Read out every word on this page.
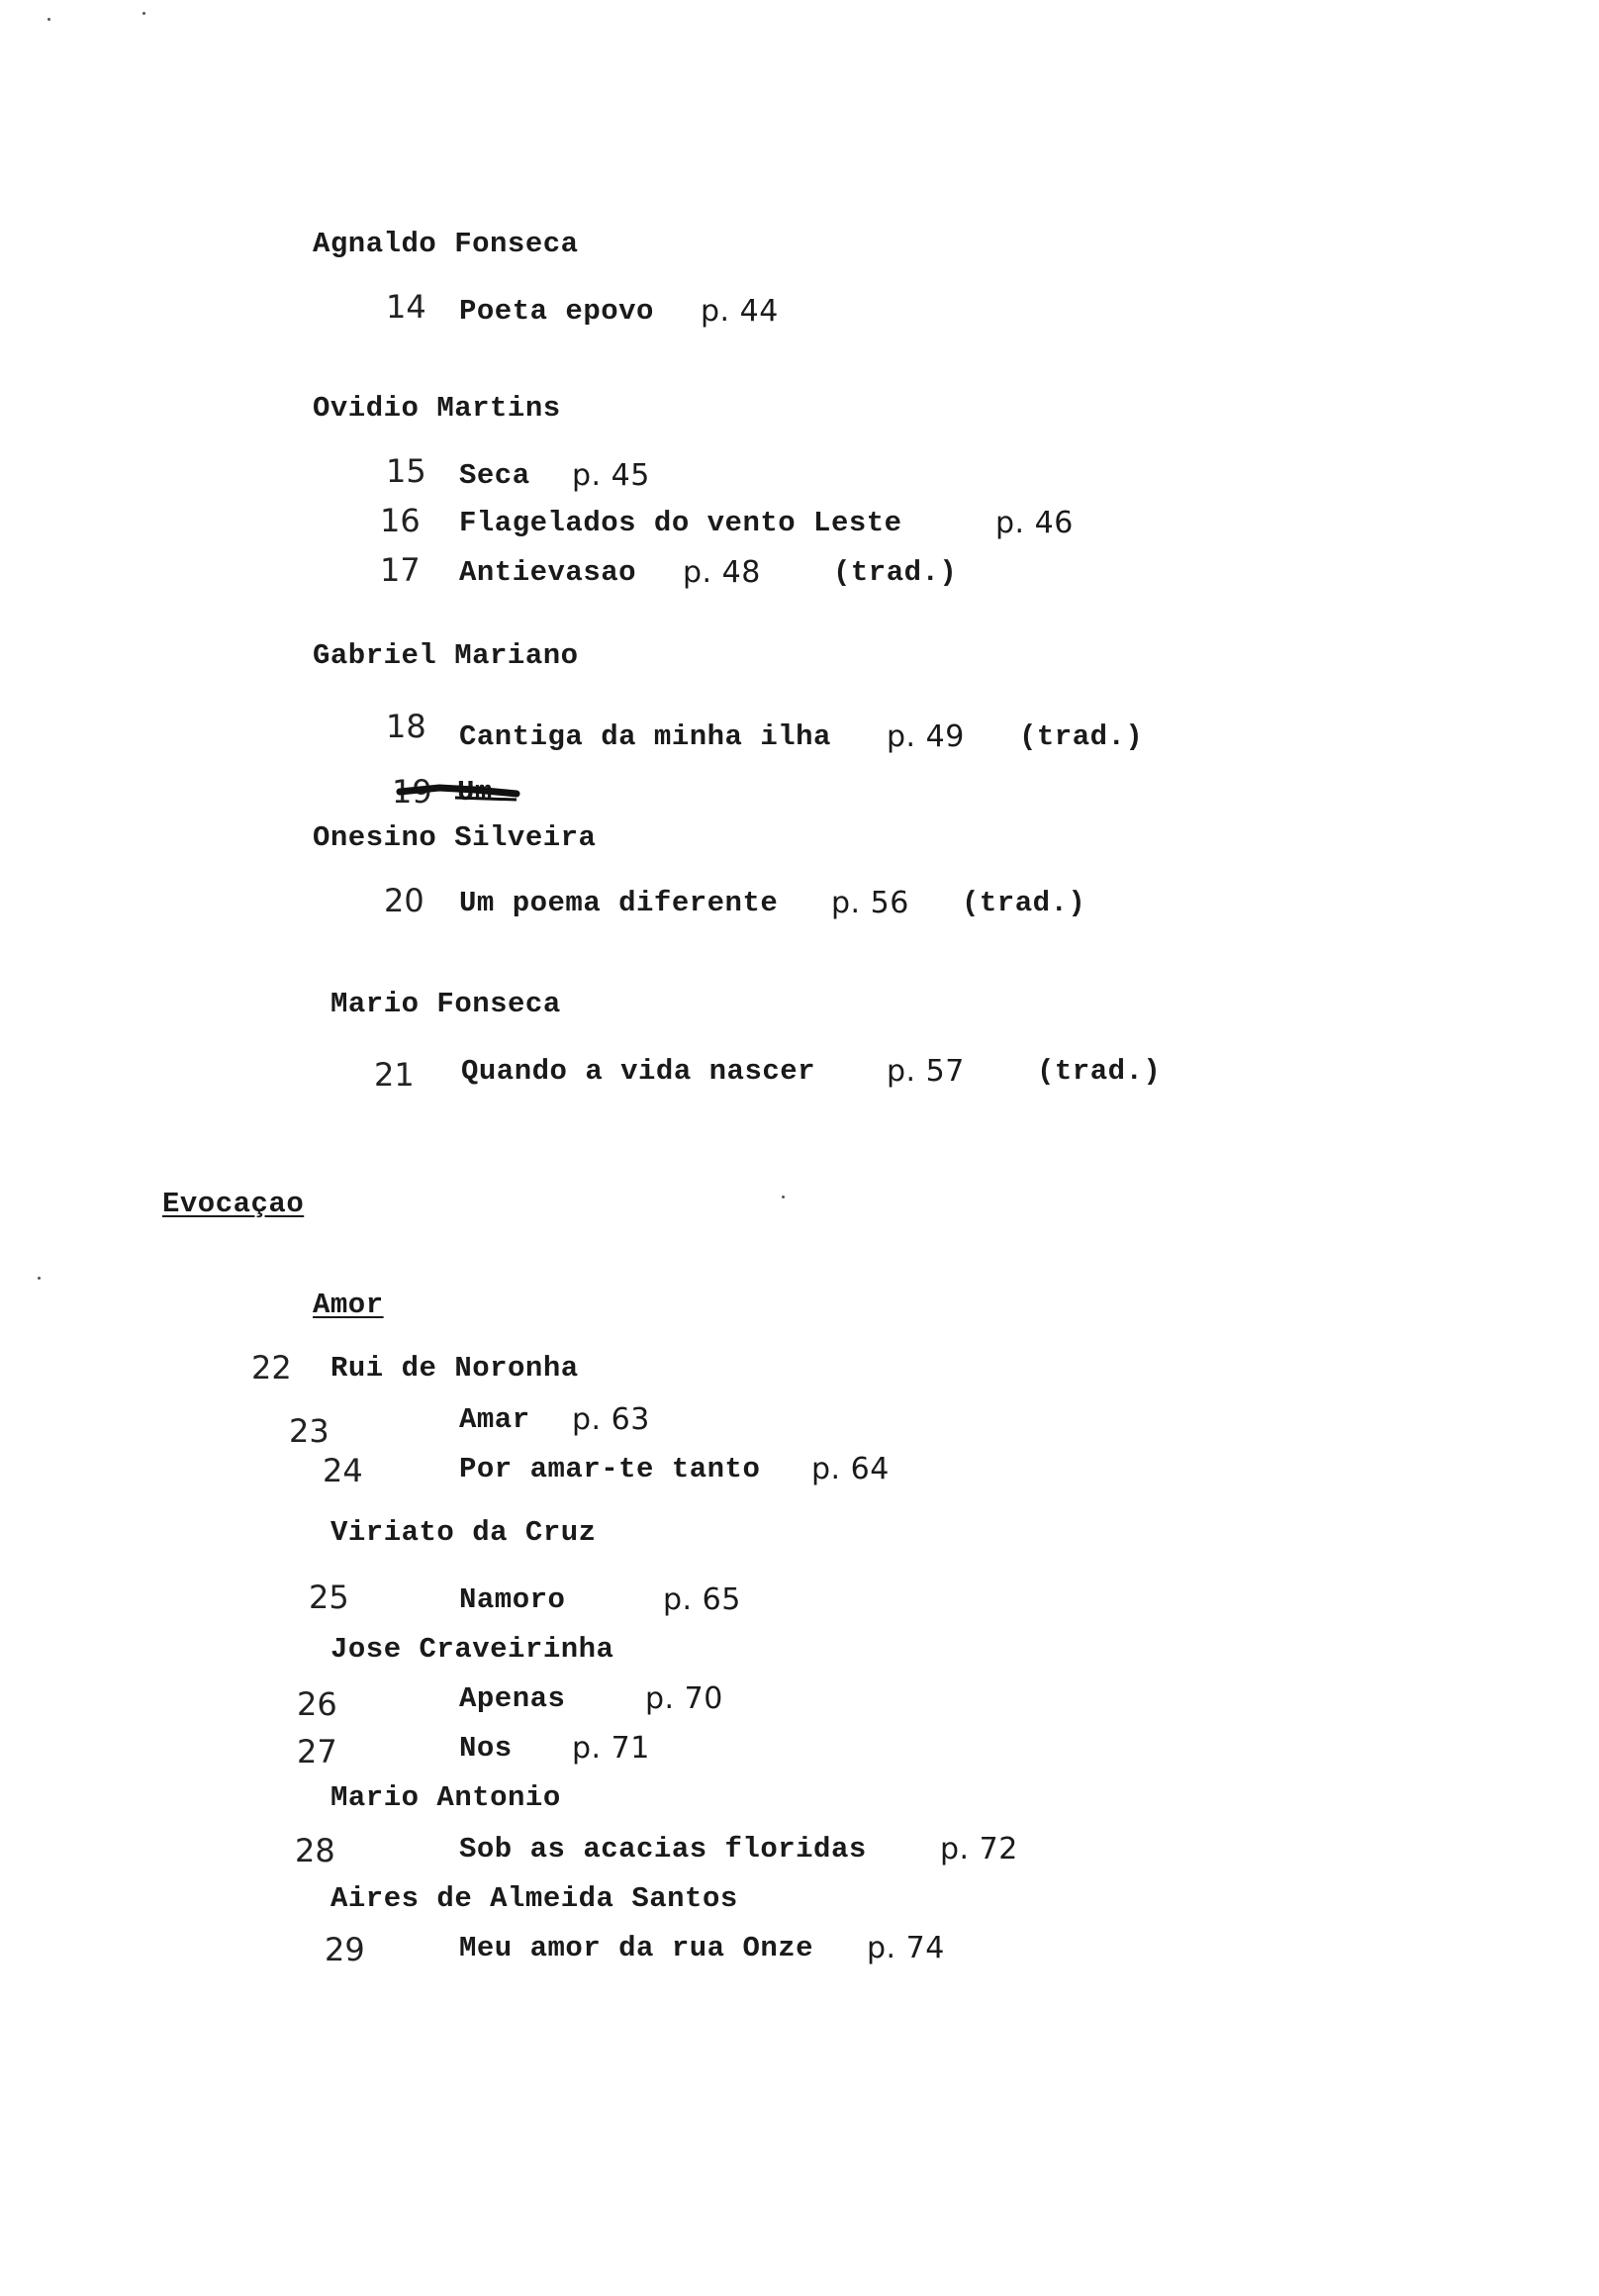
Agnaldo Fonseca
14 Poeta epovo p. 44
Ovidio Martins
15 Seca p. 45
16 Flagelados do vento Leste	p. 46
17 Antievasao p. 48	(trad.)
Gabriel Mariano
18 Cantiga da minha ilha p. 49 (trad.)
19 Um
Onesino Silveira
20 Um poema diferente p. 56 (trad.)
Mario Fonseca
21 Quando a vida nascer p. 57	(trad.)
Evocaçao
Amor
22 Rui de Noronha
23	Amar p. 63
24	Por amar-te tanto p. 64
Viriato da Cruz
25	Namoro	p. 65
Jose Craveirinha
26	Apenas	p. 70
27	Nos p. 71
Mario Antonio
28	Sob as acacias floridas p. 72
Aires de Almeida Santos
29	Meu amor da rua Onze p. 74
